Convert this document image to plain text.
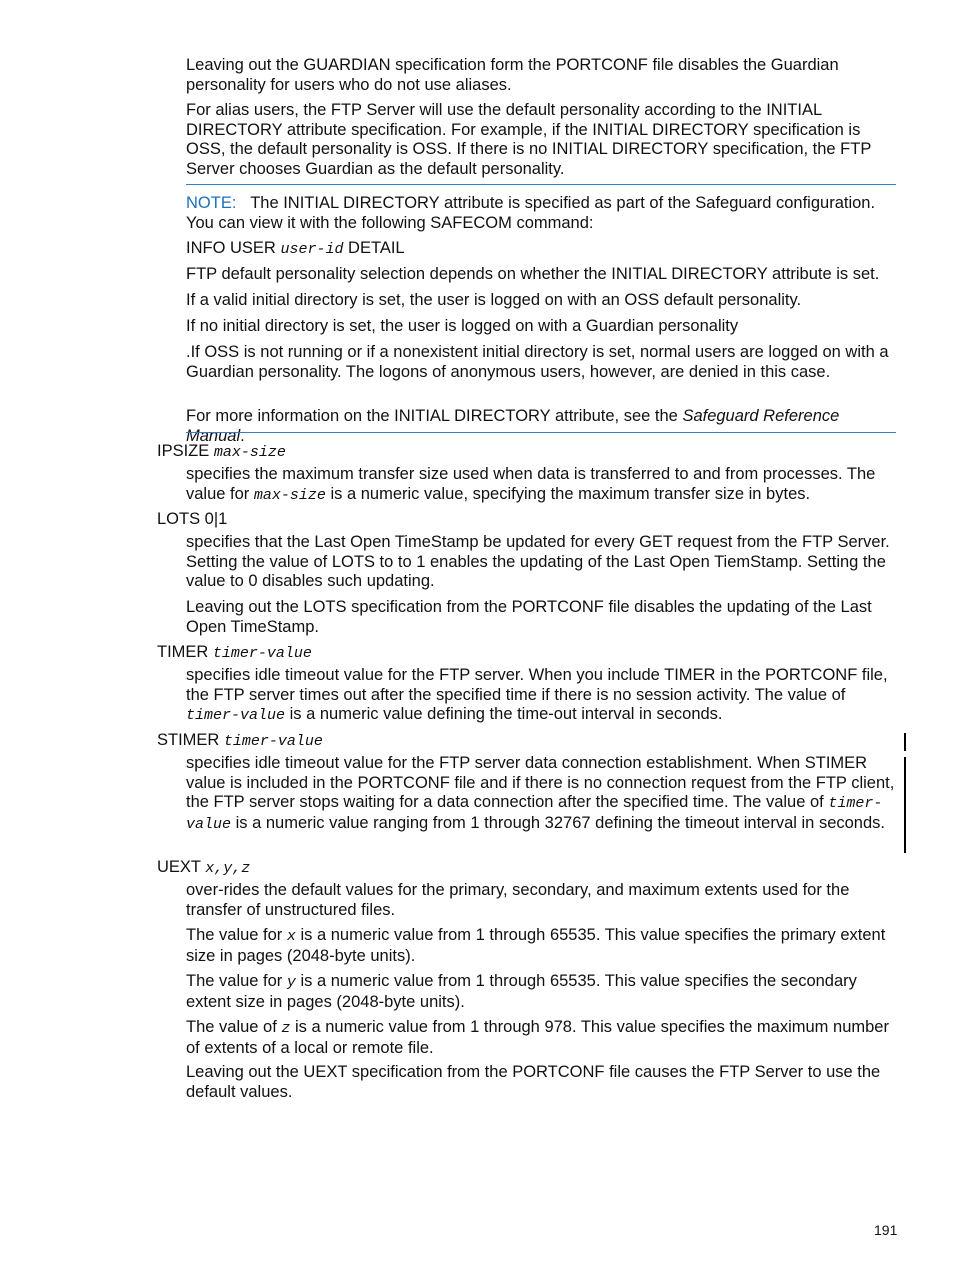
Leaving out the GUARDIAN specification form the PORTCONF file disables the Guardian personality for users who do not use aliases.

For alias users, the FTP Server will use the default personality according to the INITIAL DIRECTORY attribute specification. For example, if the INITIAL DIRECTORY specification is OSS, the default personality is OSS. If there is no INITIAL DIRECTORY specification, the FTP Server chooses Guardian as the default personality.

NOTE: The INITIAL DIRECTORY attribute is specified as part of the Safeguard configuration. You can view it with the following SAFECOM command:

INFO USER user-id DETAIL

FTP default personality selection depends on whether the INITIAL DIRECTORY attribute is set.

If a valid initial directory is set, the user is logged on with an OSS default personality.

If no initial directory is set, the user is logged on with a Guardian personality

.If OSS is not running or if a nonexistent initial directory is set, normal users are logged on with a Guardian personality. The logons of anonymous users, however, are denied in this case.

For more information on the INITIAL DIRECTORY attribute, see the Safeguard Reference Manual.

IPSIZE max-size

specifies the maximum transfer size used when data is transferred to and from processes. The value for max-size is a numeric value, specifying the maximum transfer size in bytes.

LOTS 0|1

specifies that the Last Open TimeStamp be updated for every GET request from the FTP Server. Setting the value of LOTS to to 1 enables the updating of the Last Open TiemStamp. Setting the value to 0 disables such updating.

Leaving out the LOTS specification from the PORTCONF file disables the updating of the Last Open TimeStamp.

TIMER timer-value

specifies idle timeout value for the FTP server. When you include TIMER in the PORTCONF file, the FTP server times out after the specified time if there is no session activity. The value of timer-value is a numeric value defining the time-out interval in seconds.

STIMER timer-value

specifies idle timeout value for the FTP server data connection establishment. When STIMER value is included in the PORTCONF file and if there is no connection request from the FTP client, the FTP server stops waiting for a data connection after the specified time. The value of timer-value is a numeric value ranging from 1 through 32767 defining the timeout interval in seconds.

UEXT x,y,z

over-rides the default values for the primary, secondary, and maximum extents used for the transfer of unstructured files.

The value for x is a numeric value from 1 through 65535. This value specifies the primary extent size in pages (2048-byte units).

The value for y is a numeric value from 1 through 65535. This value specifies the secondary extent size in pages (2048-byte units).

The value of z is a numeric value from 1 through 978. This value specifies the maximum number of extents of a local or remote file.

Leaving out the UEXT specification from the PORTCONF file causes the FTP Server to use the default values.

191
